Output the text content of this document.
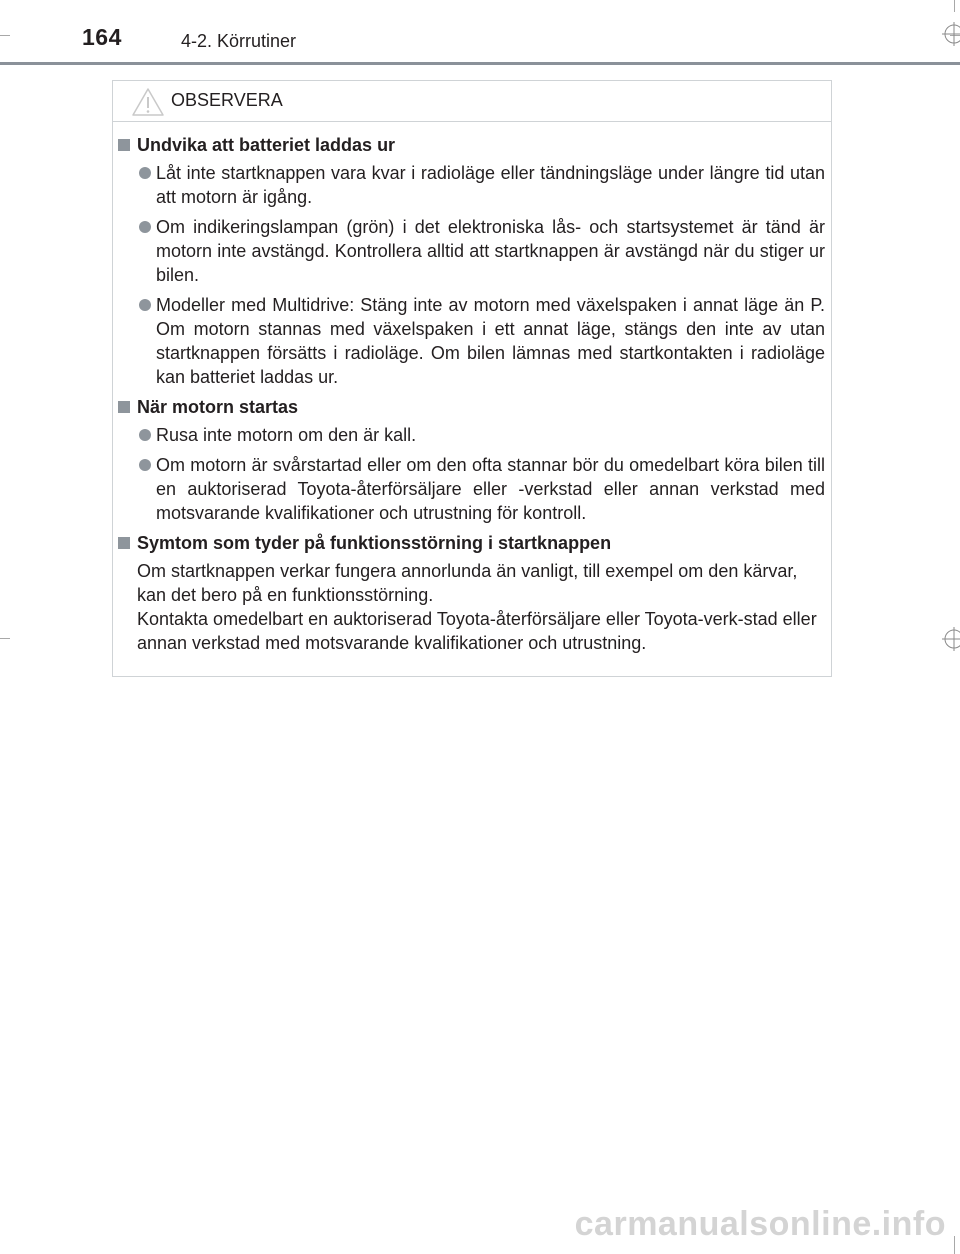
164	4-2. Körrutiner
OBSERVERA
Undvika att batteriet laddas ur
Låt inte startknappen vara kvar i radioläge eller tändningsläge under längre tid utan att motorn är igång.
Om indikeringslampan (grön) i det elektroniska lås- och startsystemet är tänd är motorn inte avstängd. Kontrollera alltid att startknappen är avstängd när du stiger ur bilen.
Modeller med Multidrive: Stäng inte av motorn med växelspaken i annat läge än P. Om motorn stannas med växelspaken i ett annat läge, stängs den inte av utan startknappen försätts i radioläge. Om bilen lämnas med startkontakten i radioläge kan batteriet laddas ur.
När motorn startas
Rusa inte motorn om den är kall.
Om motorn är svårstartad eller om den ofta stannar bör du omedelbart köra bilen till en auktoriserad Toyota-återförsäljare eller -verkstad eller annan verkstad med motsvarande kvalifikationer och utrustning för kontroll.
Symtom som tyder på funktionsstörning i startknappen
Om startknappen verkar fungera annorlunda än vanligt, till exempel om den kärvar, kan det bero på en funktionsstörning.
Kontakta omedelbart en auktoriserad Toyota-återförsäljare eller Toyota-verk-stad eller annan verkstad med motsvarande kvalifikationer och utrustning.
carmanualsonline.info
